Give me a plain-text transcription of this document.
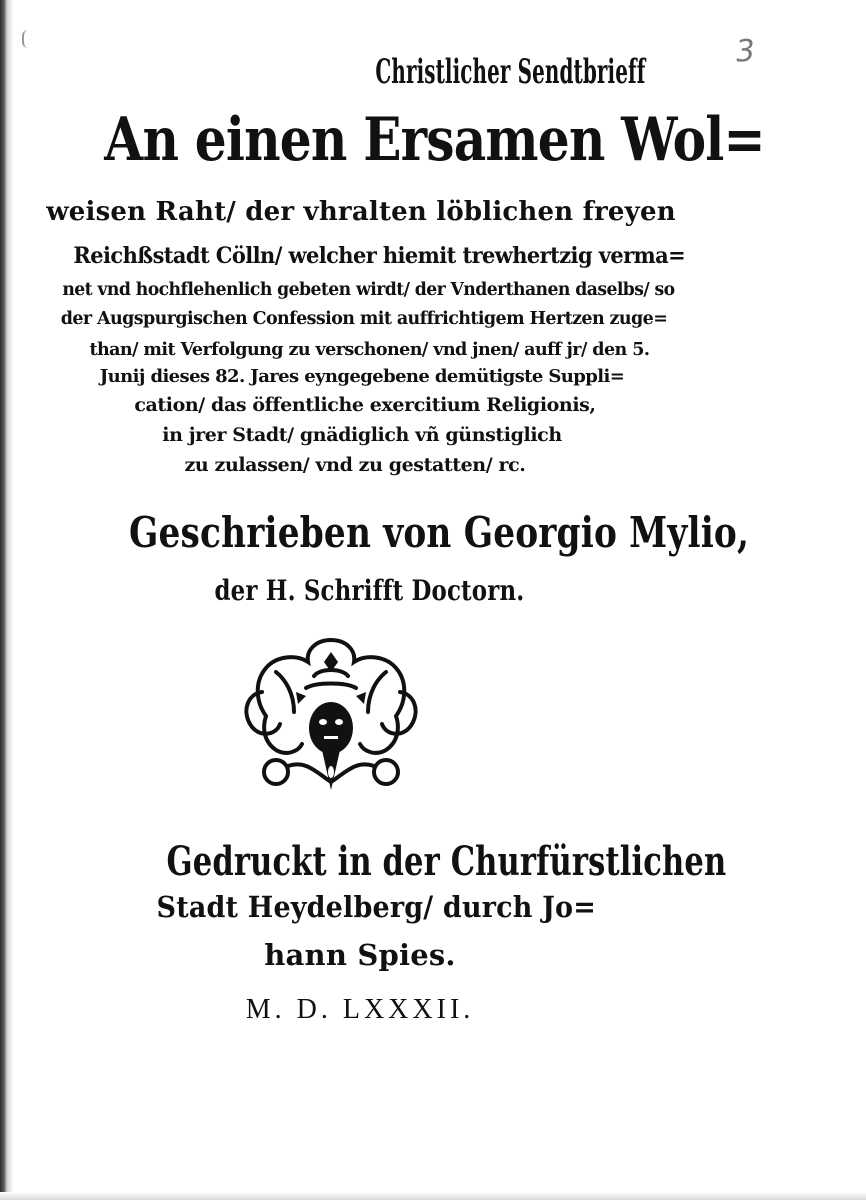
3
Christlicher Sendtbrieff
An einen Ersamen Wol=
weisen Raht/ der vhralten löblichen freyen
Reichßstadt Cölln/ welcher hiemit trewhertzig verma=
net vnd hochflehenlich gebeten wirdt/ der Vnderthanen daselbs/ so
der Augspurgischen Confession mit auffrichtigem Hertzen zuge=
than/ mit Verfolgung zu verschonen/ vnd jnen/ auff jr/ den 5.
Junij dieses 82. Jares eyngegebene demütigste Suppli=
cation/ das öffentliche exercitium Religionis,
in jrer Stadt/ gnädiglich vñ günstiglich
zu zulassen/ vnd zu gestatten/ rc.
Geschrieben von Georgio Mylio,
der H. Schrifft Doctorn.
Gedruckt in der Churfürstlichen
Stadt Heydelberg/ durch Jo=
hann Spies.
M. D. LXXXII.
